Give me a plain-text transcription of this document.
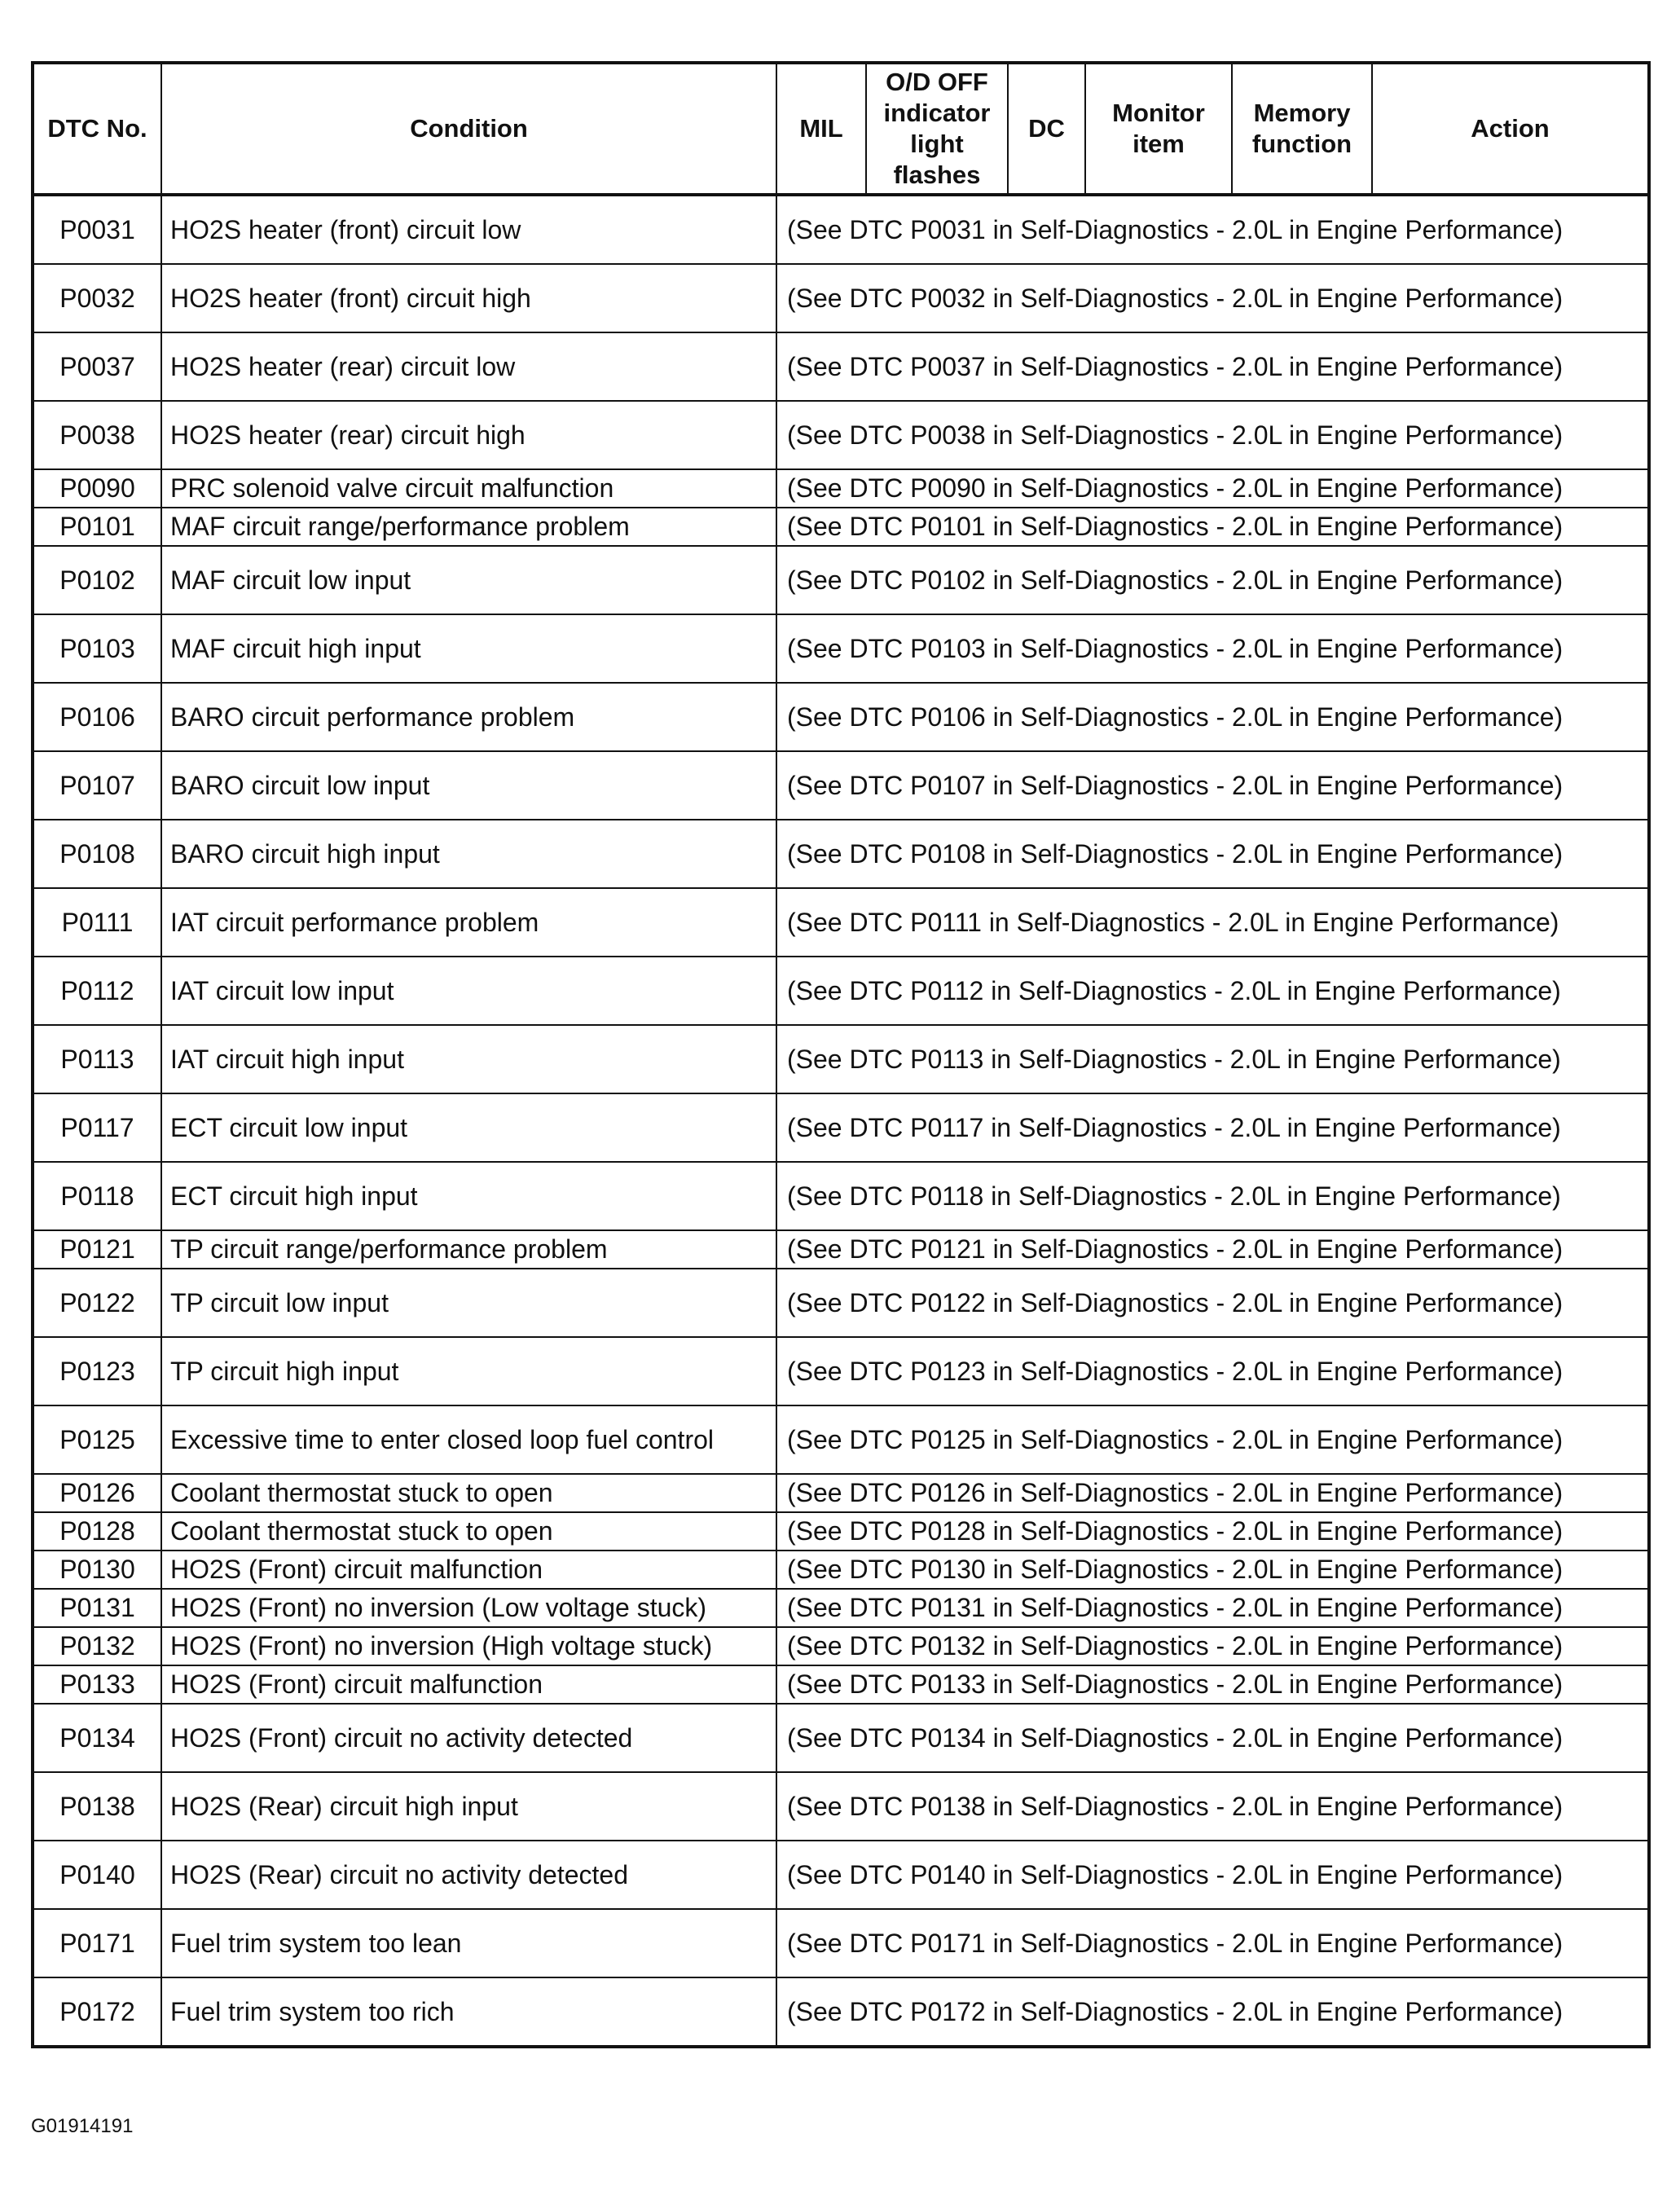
DTC No.	Condition	MIL	O/D OFF indicator light flashes	DC	Monitor item	Memory function	Action
P0031	HO2S heater (front) circuit low	(See DTC P0031 in Self-Diagnostics - 2.0L in Engine Performance)					
P0032	HO2S heater (front) circuit high	(See DTC P0032 in Self-Diagnostics - 2.0L in Engine Performance)					
P0037	HO2S heater (rear) circuit low	(See DTC P0037 in Self-Diagnostics - 2.0L in Engine Performance)					
P0038	HO2S heater (rear) circuit high	(See DTC P0038 in Self-Diagnostics - 2.0L in Engine Performance)					
P0090	PRC solenoid valve circuit malfunction	(See DTC P0090 in Self-Diagnostics - 2.0L in Engine Performance)					
P0101	MAF circuit range/performance problem	(See DTC P0101 in Self-Diagnostics - 2.0L in Engine Performance)					
P0102	MAF circuit low input	(See DTC P0102 in Self-Diagnostics - 2.0L in Engine Performance)					
P0103	MAF circuit high input	(See DTC P0103 in Self-Diagnostics - 2.0L in Engine Performance)					
P0106	BARO circuit performance problem	(See DTC P0106 in Self-Diagnostics - 2.0L in Engine Performance)					
P0107	BARO circuit low input	(See DTC P0107 in Self-Diagnostics - 2.0L in Engine Performance)					
P0108	BARO circuit high input	(See DTC P0108 in Self-Diagnostics - 2.0L in Engine Performance)					
P0111	IAT circuit performance problem	(See DTC P0111 in Self-Diagnostics - 2.0L in Engine Performance)					
P0112	IAT circuit low input	(See DTC P0112 in Self-Diagnostics - 2.0L in Engine Performance)					
P0113	IAT circuit high input	(See DTC P0113 in Self-Diagnostics - 2.0L in Engine Performance)					
P0117	ECT circuit low input	(See DTC P0117 in Self-Diagnostics - 2.0L in Engine Performance)					
P0118	ECT circuit high input	(See DTC P0118 in Self-Diagnostics - 2.0L in Engine Performance)					
P0121	TP circuit range/performance problem	(See DTC P0121 in Self-Diagnostics - 2.0L in Engine Performance)					
P0122	TP circuit low input	(See DTC P0122 in Self-Diagnostics - 2.0L in Engine Performance)					
P0123	TP circuit high input	(See DTC P0123 in Self-Diagnostics - 2.0L in Engine Performance)					
P0125	Excessive time to enter closed loop fuel control	(See DTC P0125 in Self-Diagnostics - 2.0L in Engine Performance)					
P0126	Coolant thermostat stuck to open	(See DTC P0126 in Self-Diagnostics - 2.0L in Engine Performance)					
P0128	Coolant thermostat stuck to open	(See DTC P0128 in Self-Diagnostics - 2.0L in Engine Performance)					
P0130	HO2S (Front) circuit malfunction	(See DTC P0130 in Self-Diagnostics - 2.0L in Engine Performance)					
P0131	HO2S (Front) no inversion (Low voltage stuck)	(See DTC P0131 in Self-Diagnostics - 2.0L in Engine Performance)					
P0132	HO2S (Front) no inversion (High voltage stuck)	(See DTC P0132 in Self-Diagnostics - 2.0L in Engine Performance)					
P0133	HO2S (Front) circuit malfunction	(See DTC P0133 in Self-Diagnostics - 2.0L in Engine Performance)					
P0134	HO2S (Front) circuit no activity detected	(See DTC P0134 in Self-Diagnostics - 2.0L in Engine Performance)					
P0138	HO2S (Rear) circuit high input	(See DTC P0138 in Self-Diagnostics - 2.0L in Engine Performance)					
P0140	HO2S (Rear) circuit no activity detected	(See DTC P0140 in Self-Diagnostics - 2.0L in Engine Performance)					
P0171	Fuel trim system too lean	(See DTC P0171 in Self-Diagnostics - 2.0L in Engine Performance)					
P0172	Fuel trim system too rich	(See DTC P0172 in Self-Diagnostics - 2.0L in Engine Performance)					
G01914191
